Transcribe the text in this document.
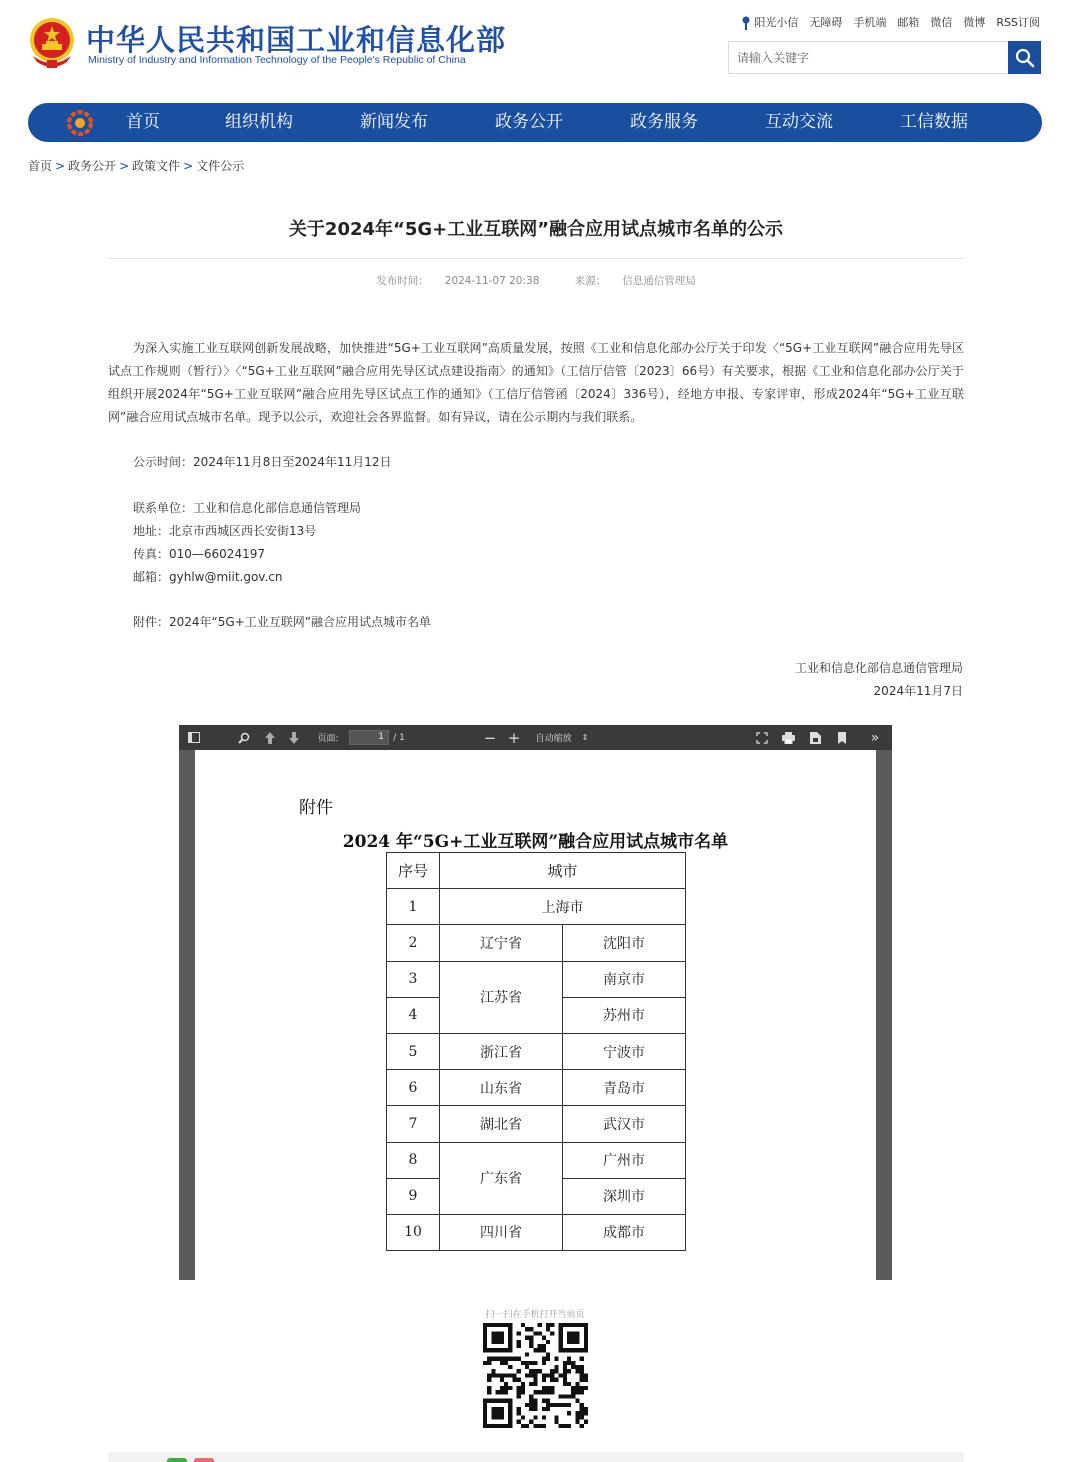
中华人民共和国工业和信息化部
Ministry of Industry and Information Technology of the People's Republic of China
阳光小信 无障碍 手机端 邮箱 微信 微博 RSS订阅
请输入关键字
首页	组织机构	新闻发布	政务公开	政务服务	互动交流	工信数据
首页 > 政务公开 > 政策文件 > 文件公示
关于2024年“5G+工业互联网”融合应用试点城市名单的公示
发布时间： 2024-11-07 20:38	来源： 信息通信管理局
为深入实施工业互联网创新发展战略，加快推进“5G+工业互联网”高质量发展，按照《工业和信息化部办公厅关于印发〈“5G+工业互联网”融合应用先导区试点工作规则（暂行）〉〈“5G+工业互联网”融合应用先导区试点建设指南〉的通知》（工信厅信管〔2023〕66号）有关要求，根据《工业和信息化部办公厅关于组织开展2024年“5G+工业互联网”融合应用先导区试点工作的通知》（工信厅信管函〔2024〕336号），经地方申报、专家评审，形成2024年“5G+工业互联网”融合应用试点城市名单。现予以公示，欢迎社会各界监督。如有异议，请在公示期内与我们联系。
公示时间：2024年11月8日至2024年11月12日
联系单位：工业和信息化部信息通信管理局
地址：北京市西城区西长安街13号
传真：010—66024197
邮箱：gyhlw@miit.gov.cn
附件：2024年“5G+工业互联网”融合应用试点城市名单
工业和信息化部信息通信管理局
2024年11月7日
页面:	1	/ 1	− +	自动缩放 ⇕	»
附件
2024 年“5G+工业互联网”融合应用试点城市名单
序号	城市	
1	上海市	
2	辽宁省	沈阳市
3	江苏省	南京市
4		苏州市
5	浙江省	宁波市
6	山东省	青岛市
7	湖北省	武汉市
8	广东省	广州市
9		深圳市
10	四川省	成都市
扫一扫在手机打开当前页
